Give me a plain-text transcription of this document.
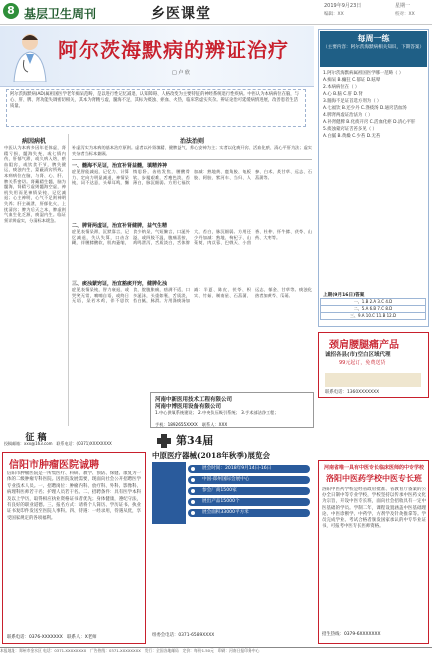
8 基层卫生周刊	乡医课堂	2019年9月23日	星期一
编辑：XX	校对：XX
阿尔茨海默病的辨证治疗
□ 卢 欣
阿尔茨海默病(AD)属祖国医学老年痴呆范畴，是以进行性记忆减退、认知障碍、人格改变为主要特征的神经系统退行性疾病。中医认为本病病位在脑，与心、肝、脾、肾功能失调密切相关，其本为肾精亏虚，髓海不足，其标为痰浊、瘀血、火热，临床常虚实夹杂。辨证论治可延缓病情进展，改善患者生活质量。
病因病机
中医认为本病多因年老体虚，肾精亏损，髓海失充，或七情内伤，肝郁气滞，或久病入络，瘀血阻窍，或饮食不节，脾失健运，痰浊内生，蒙蔽清窍所致。本病病位在脑，与肾、心、肝、脾关系密切。肾藏精生髓，脑为髓海，肾精亏虚则髓海空虚，神机失用而见神情呆钝、记忆减退；心主神明，心气不足则神明失养；肝主疏泄，肝郁化火，上扰清窍；脾为后天之本，脾虚则气血生化乏源，痰湿内生。临证须详辨虚实，分清标本缓急。
治法治则
补虚泻实为本病的基本治疗原则。虚者以补肾填精、健脾益气、养心安神为主；实者以化痰开窍、活血化瘀、清心平肝为法；虚实夹杂者当标本兼顾。
一、髓海不足证，治宜补肾益髓，填精养神
症见智能减退，记忆力、计算力、定向力明显减退，神情呆钝，词不达意，头晕耳鸣，懈惰思卧，齿枯发焦，腰酸骨软，步履艰难，舌瘦色淡，苔薄白，脉沉细弱。方用七福饮加减：熟地黄、鹿角胶、龟板胶、阿胶、紫河车、当归、人参、白术、炙甘草、远志、石菖蒲等。
二、脾肾两虚证，治宜补肾健脾，益气生精
症见表情呆滞，沉默寡言，记忆减退，失认失算，口齿含糊，伴腰膝酸软，肌肉萎缩，食少纳呆，气短懒言，口涎外溢，或四肢不温，腹痛喜按，鸡鸣泄泻，舌质淡白，舌体胖大，苔白，脉沉细弱。方用还少丹加减：熟地、枸杞子、山茱萸、肉苁蓉、巴戟天、小茴香、杜仲、怀牛膝、茯苓、山药、大枣等。
三、痰浊蒙窍证，治宜豁痰开窍，健脾化浊
症见表情呆钝，智力衰退，或哭笑无常，喃喃自语，或终日无语，呆若木鸡，伴不思饮食，脘腹胀痛，痞满不适，口多涎沫，头重如裹，舌质淡，苔白腻，脉滑。方用涤痰汤加减：半夏、陈皮、茯苓、枳实、竹茹、制南星、石菖蒲、远志、郁金、甘草等。痰浊化热者加黄芩、瓜蒌。
每周一练
（主要内容：阿尔茨海默病相关知识，下期答案）
1.阿尔茨海默病属祖国医学哪一范畴（ ）
A.痴呆 B.癫狂 C.郁证 D.眩晕
2.本病病位在（ ）
A.心 B.脑 C.肝 D.肾
3.髓海不足证首选方剂为（ ）
A.七福饮 B.还少丹 C.涤痰汤 D.通窍活血汤
4.脾肾两虚证治法为（ ）
A.补肾健脾 B.化痰开窍 C.活血化瘀 D.清心平肝
5.痰浊蒙窍证舌苔多见（ ）
A.白腻 B.黄燥 C.少苔 D.无苔
上期(9月16日)答案
一、1.B 2.A 3.C 4.D
二、5.A 6.B 7.C 8.D
三、9.A 10.C 11.B 12.D
颈肩腰腿痛产品
诚招各县(市)空白区域代理
99元起订，免费送货
联系电话：1360XXXXXXX
征 稿
信阳市肿瘤医院诚聘
信阳市肿瘤医院是一所集医疗、科研、教学、预防、保健、康复为一体的二级肿瘤专科医院。因医院发展需要，现面向社会公开招聘医学专业技术人员。一、招聘岗位：肿瘤内科、放疗科、外科、影像科、病理科医师若干名；护理人员若干名。二、招聘条件：具有医学本科及以上学历，取得相应执业资格证书者优先；身体健康，遵纪守法，有良好的职业道德。三、报名方式：请将个人简历、学历证书、执业证书复印件发送至医院人事科。四、待遇：一经录用，待遇从优，享受国家规定的各项福利。
联系电话：0376-XXXXXXX　联系人：X老师
投稿邮箱：xxx@163.com　联系电话：(0371)XXXXXXXX	第34届
中原医疗器械(2018年秋季)展览会
展会时间：2018年9月14日-16日
中国·郑州国际会展中心
参会厂商1500家
展出产品15000个
展会面积33000平方米
组委会电话：0371-6589XXXX
河南中新医用技术工程有限公司
河南中博医用设备有限公司
1.中心供氧系统建设； 2.中央负压吸引系统； 3.手术部洁净工程；
手机：1892655XXXX　联系人：XXX
河南省唯一具有中医专长临床医师的中专学校
洛阳中医药学校中医专长班
洛阳中医药学校是经省政府批准、省教育厅备案的公办全日制中等专业学校，学校坚持以传承中医药文化为宗旨，开设中医专长班，面向社会招收具有一定中医基础的学员。学制二年，课程设置涵盖中医基础理论、中医诊断学、中药学、方剂学及针灸推拿等。学员完成学业、考试合格者颁发国家承认的中专毕业证书，可报考中医专长医师资格。
招生热线：0379-6XXXXXXX
本报地址：郑州市金水区 电话：0371-XXXXXXXX　广告热线：0371-XXXXXXXX　发行：全国各地邮局　定价：每份1.50元　印刷：河南日报印务中心
